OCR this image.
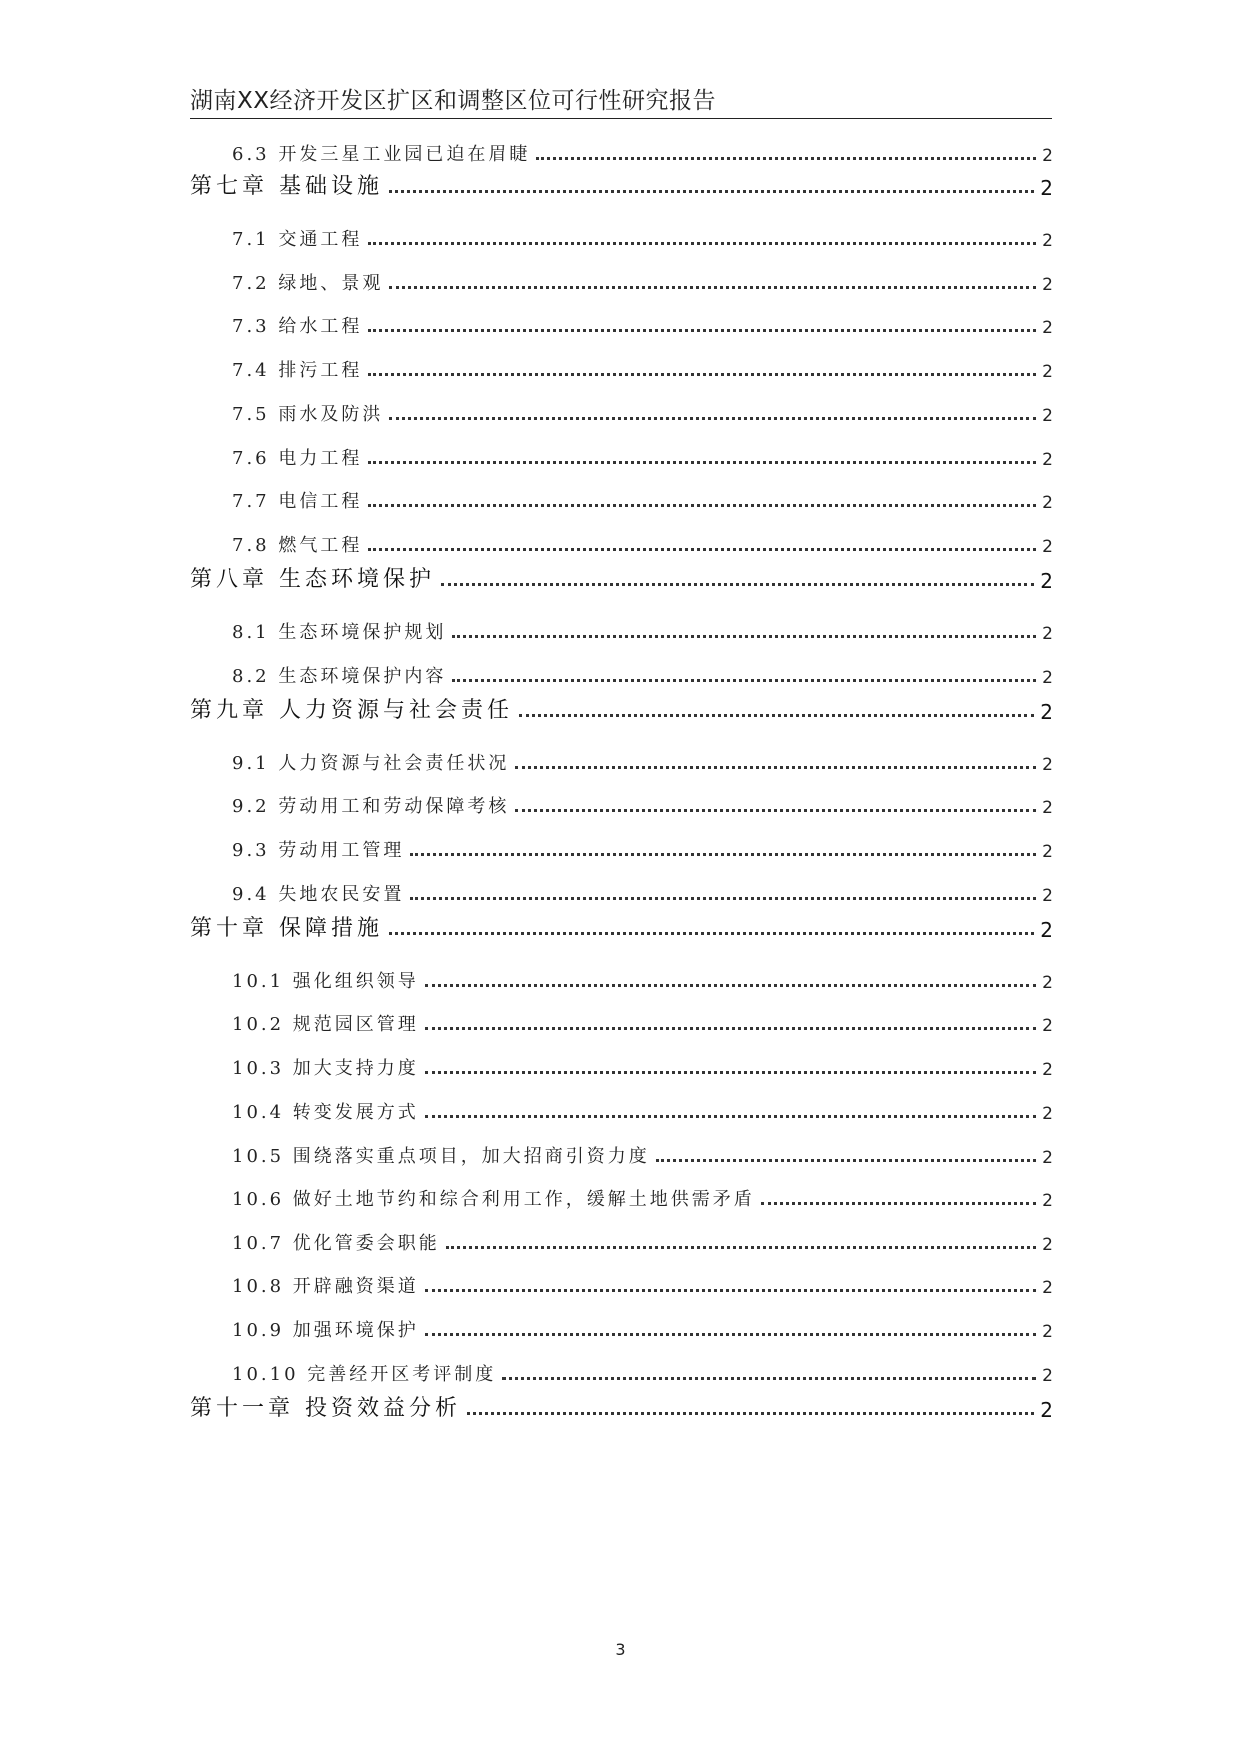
湖南XX经济开发区扩区和调整区位可行性研究报告
6.3 开发三星工业园已迫在眉睫	2
第七章 基础设施	2
7.1 交通工程	2
7.2 绿地、景观	2
7.3 给水工程	2
7.4 排污工程	2
7.5 雨水及防洪	2
7.6 电力工程	2
7.7 电信工程	2
7.8 燃气工程	2
第八章 生态环境保护	2
8.1 生态环境保护规划	2
8.2 生态环境保护内容	2
第九章 人力资源与社会责任	2
9.1 人力资源与社会责任状况	2
9.2 劳动用工和劳动保障考核	2
9.3 劳动用工管理	2
9.4 失地农民安置	2
第十章 保障措施	2
10.1 强化组织领导	2
10.2 规范园区管理	2
10.3 加大支持力度	2
10.4 转变发展方式	2
10.5 围绕落实重点项目，加大招商引资力度	2
10.6 做好土地节约和综合利用工作，缓解土地供需矛盾	2
10.7 优化管委会职能	2
10.8 开辟融资渠道	2
10.9 加强环境保护	2
10.10 完善经开区考评制度	2
第十一章 投资效益分析	2
3
